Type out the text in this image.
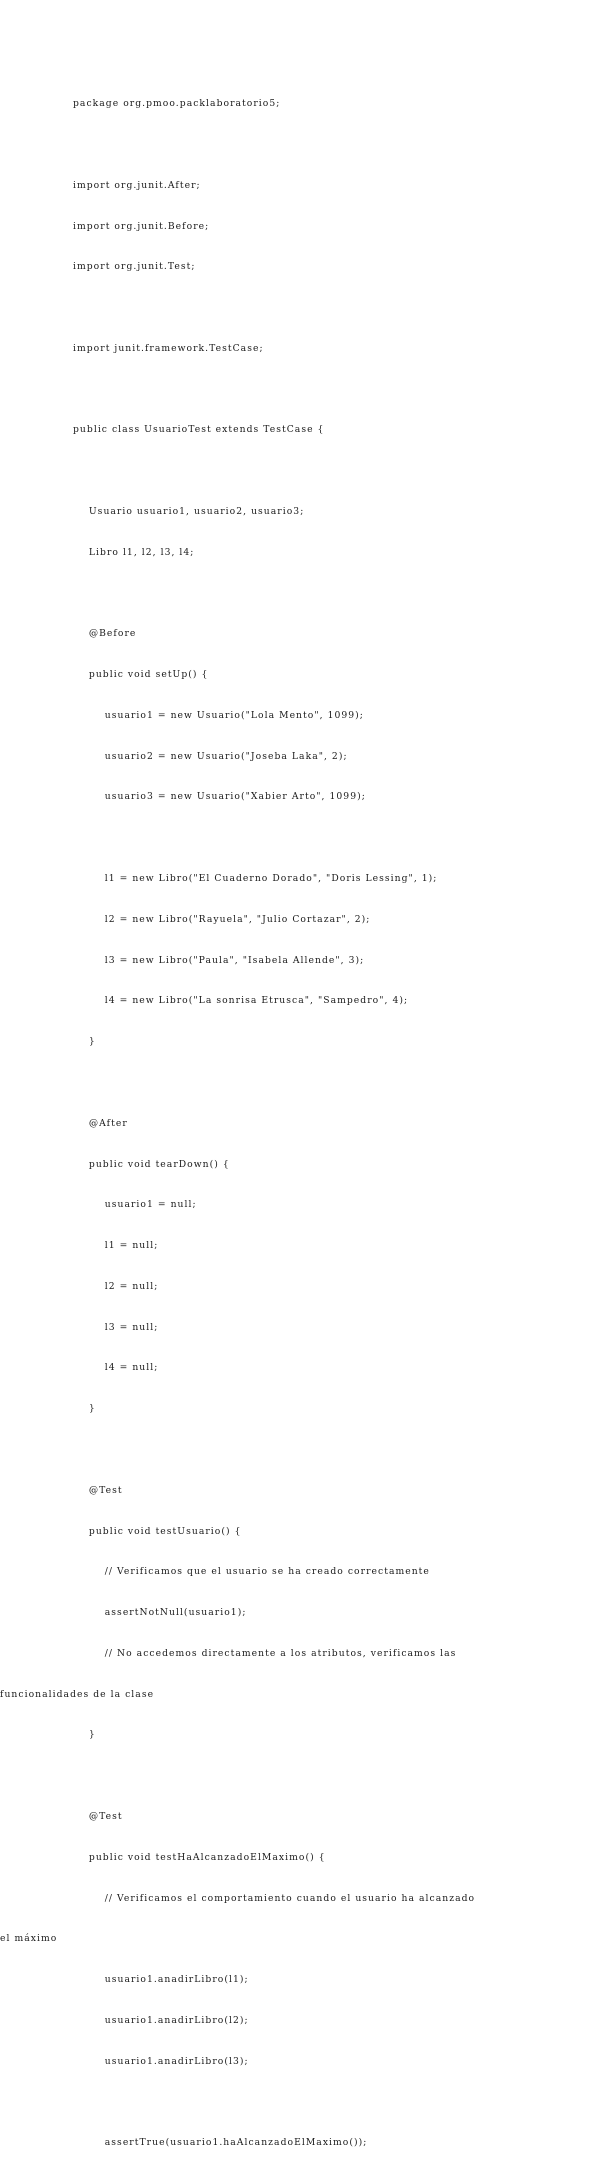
package org.pmoo.packlaboratorio5;

import org.junit.After;

import org.junit.Before;

import org.junit.Test;

import junit.framework.TestCase;

public class UsuarioTest extends TestCase {

Usuario usuario1, usuario2, usuario3;

Libro l1, l2, l3, l4;

@Before

public void setUp() {

usuario1 = new Usuario("Lola Mento", 1099);

usuario2 = new Usuario("Joseba Laka", 2);

usuario3 = new Usuario("Xabier Arto", 1099);

l1 = new Libro("El Cuaderno Dorado", "Doris Lessing", 1);

l2 = new Libro("Rayuela", "Julio Cortazar", 2);

l3 = new Libro("Paula", "Isabela Allende", 3);

l4 = new Libro("La sonrisa Etrusca", "Sampedro", 4);

}

@After

public void tearDown() {

usuario1 = null;

l1 = null;

l2 = null;

l3 = null;

l4 = null;

}

@Test

public void testUsuario() {

// Verificamos que el usuario se ha creado correctamente

assertNotNull(usuario1);

// No accedemos directamente a los atributos, verificamos las

funcionalidades de la clase

}

@Test

public void testHaAlcanzadoElMaximo() {

// Verificamos el comportamiento cuando el usuario ha alcanzado

el máximo

usuario1.anadirLibro(l1);

usuario1.anadirLibro(l2);

usuario1.anadirLibro(l3);

assertTrue(usuario1.haAlcanzadoElMaximo());
